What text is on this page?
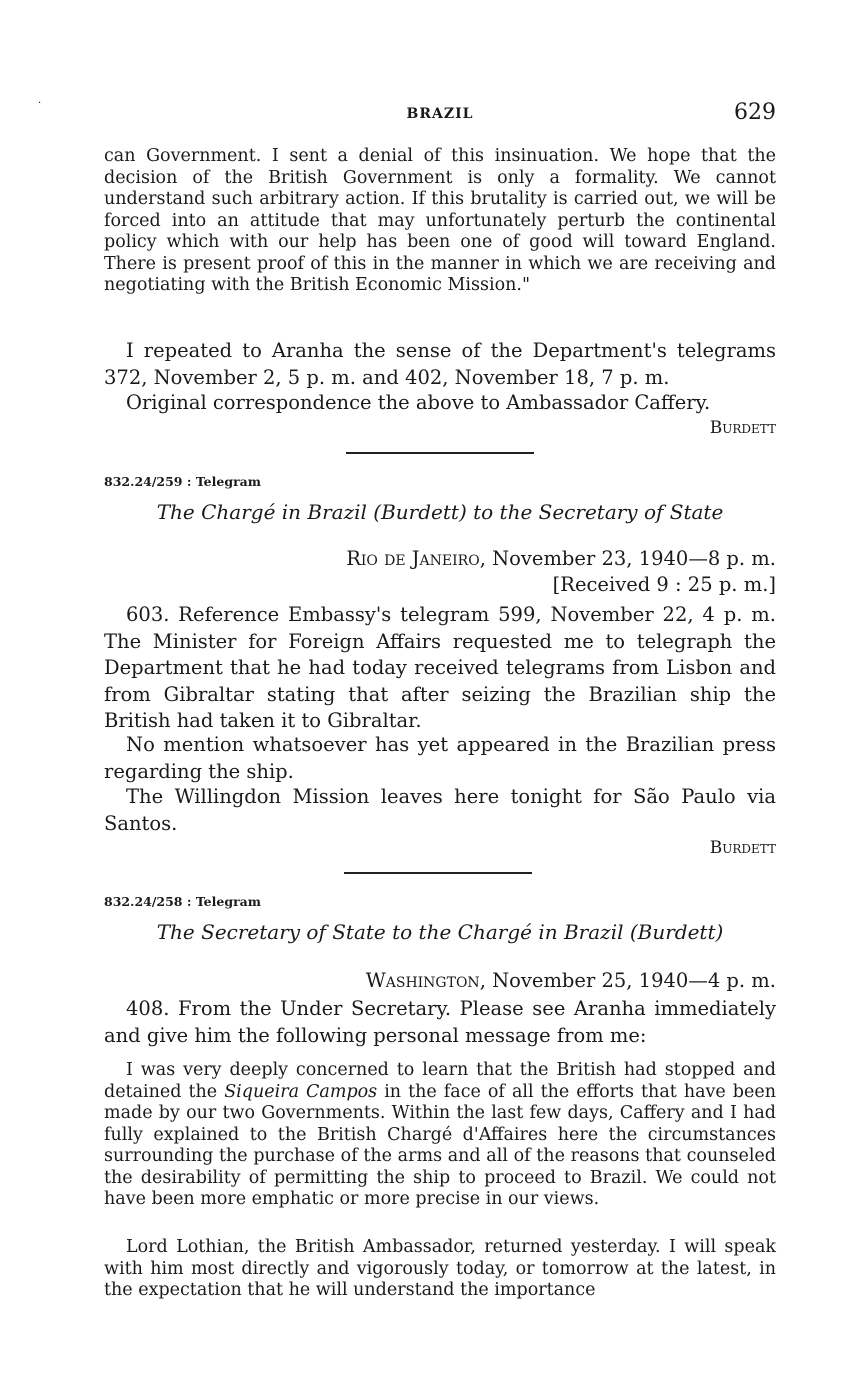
·
BRAZIL	629

can Government. I sent a denial of this insinuation. We hope that the decision of the British Government is only a formality. We cannot understand such arbitrary action. If this brutality is carried out, we will be forced into an attitude that may unfortunately perturb the continental policy which with our help has been one of good will toward England. There is present proof of this in the manner in which we are receiving and negotiating with the British Economic Mission."

I repeated to Aranha the sense of the Department's telegrams 372, November 2, 5 p. m. and 402, November 18, 7 p. m.

Original correspondence the above to Ambassador Caffery.

Burdett
832.24/259 : Telegram
The Chargé in Brazil (Burdett) to the Secretary of State
Rio de Janeiro, November 23, 1940—8 p. m.
[Received 9 : 25 p. m.]

603. Reference Embassy's telegram 599, November 22, 4 p. m. The Minister for Foreign Affairs requested me to telegraph the Department that he had today received telegrams from Lisbon and from Gibraltar stating that after seizing the Brazilian ship the British had taken it to Gibraltar.

No mention whatsoever has yet appeared in the Brazilian press regarding the ship.

The Willingdon Mission leaves here tonight for São Paulo via Santos.

Burdett
832.24/258 : Telegram
The Secretary of State to the Chargé in Brazil (Burdett)
Washington, November 25, 1940—4 p. m.

408. From the Under Secretary. Please see Aranha immediately and give him the following personal message from me:

I was very deeply concerned to learn that the British had stopped and detained the Siqueira Campos in the face of all the efforts that have been made by our two Governments. Within the last few days, Caffery and I had fully explained to the British Chargé d'Affaires here the circumstances surrounding the purchase of the arms and all of the reasons that counseled the desirability of permitting the ship to proceed to Brazil. We could not have been more emphatic or more precise in our views.

Lord Lothian, the British Ambassador, returned yesterday. I will speak with him most directly and vigorously today, or tomorrow at the latest, in the expectation that he will understand the importance
